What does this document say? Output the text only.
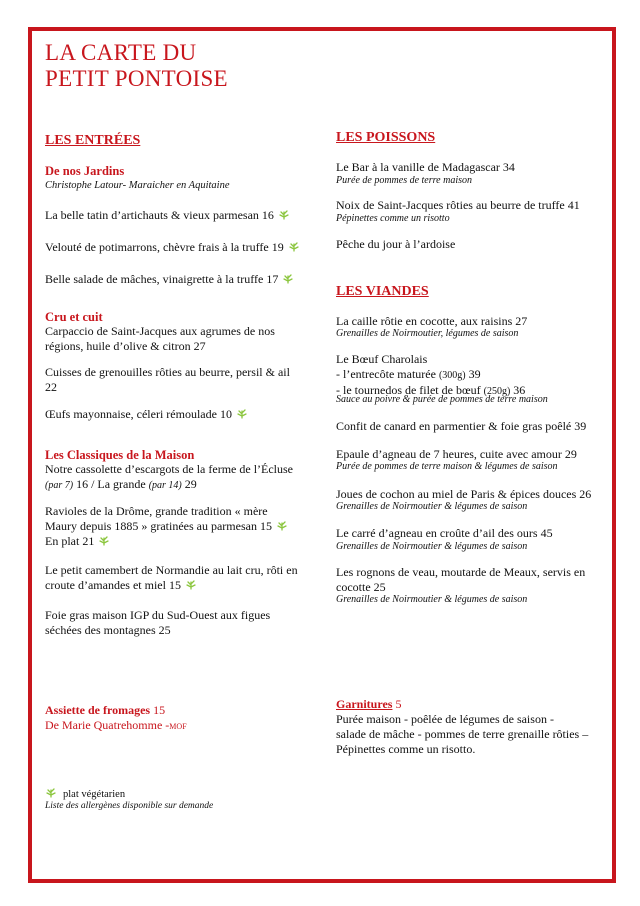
LA CARTE DU
PETIT PONTOISE
LES ENTRÉES
De nos Jardins
Christophe Latour- Maraicher en Aquitaine
La belle tatin d’artichauts & vieux parmesan 16
Velouté de potimarrons, chèvre frais à la truffe 19
Belle salade de mâches, vinaigrette à la truffe 17
Cru et cuit
Carpaccio de Saint-Jacques aux agrumes de nos
régions, huile d’olive & citron 27
Cuisses de grenouilles rôties au beurre, persil & ail
22
Œufs mayonnaise, céleri rémoulade 10
Les Classiques de la Maison
Notre cassolette d’escargots de la ferme de l’Écluse
(par 7) 16 / La grande (par 14) 29
Ravioles de la Drôme, grande tradition « mère
Maury depuis 1885 » gratinées au parmesan 15
En plat 21
Le petit camembert de Normandie au lait cru, rôti en
croute d’amandes et miel 15
Foie gras maison IGP du Sud-Ouest aux figues
séchées des montagnes 25
Assiette de fromages 15
De Marie Quatrehomme -MOF
plat végétarien
Liste des allergènes disponible sur demande
LES POISSONS
Le Bar à la vanille de Madagascar 34
Purée de pommes de terre maison
Noix de Saint-Jacques rôties au beurre de truffe 41
Pépinettes comme un risotto
Pêche du jour à l’ardoise
LES VIANDES
La caille rôtie en cocotte, aux raisins 27
Grenailles de Noirmoutier, légumes de saison
Le Bœuf Charolais
- l’entrecôte maturée (300g) 39
- le tournedos de filet de bœuf (250g) 36
Sauce au poivre & purée de pommes de terre maison
Confit de canard en parmentier & foie gras poêlé 39
Epaule d’agneau de 7 heures, cuite avec amour 29
Purée de pommes de terre maison & légumes de saison
Joues de cochon au miel de Paris & épices douces 26
Grenailles de Noirmoutier & légumes de saison
Le carré d’agneau en croûte d’ail des ours 45
Grenailles de Noirmoutier & légumes de saison
Les rognons de veau, moutarde de Meaux, servis en
cocotte 25
Grenailles de Noirmoutier & légumes de saison
Garnitures 5
Purée maison - poêlée de légumes de saison -
salade de mâche - pommes de terre grenaille rôties –
Pépinettes comme un risotto.
